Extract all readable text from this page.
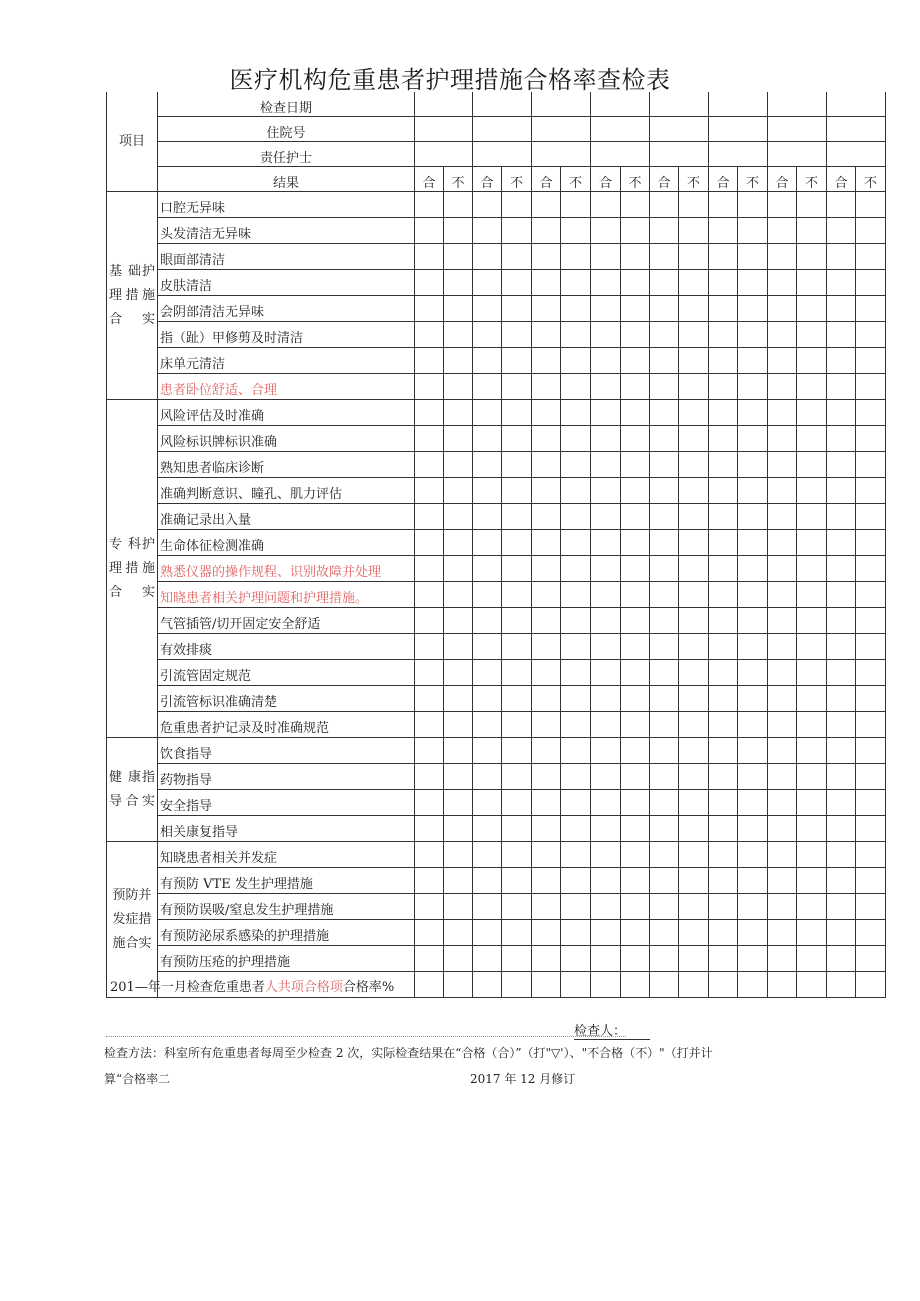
医疗机构危重患者护理措施合格率查检表
项目	检查日期																
	住院号																
	责任护士																
	结果	合	不	合	不	合	不	合	不	合	不	合	不	合	不	合	不
基 础护理措施合实	口腔无异味																
	头发清洁无异味																
	眼面部清洁																
	皮肤清洁																
	会阴部清洁无异味																
	指（趾）甲修剪及时清洁																
	床单元清洁																
	患者卧位舒适、合理																
专 科护理措施合实	风险评估及时准确																
	风险标识牌标识准确																
	熟知患者临床诊断																
	准确判断意识、瞳孔、肌力评估																
	准确记录出入量																
	生命体征检测准确																
	熟悉仪器的操作规程、识别故障并处理																
	知晓患者相关护理问题和护理措施。																
	气管插管/切开固定安全舒适																
	有效排痰																
	引流管固定规范																
	引流管标识准确清楚																
	危重患者护记录及时准确规范																
健 康指导合实	饮食指导																
	药物指导																
	安全指导																
	相关康复指导																
预防并发症措施合实	知晓患者相关并发症																
	有预防 VTE 发生护理措施																
	有预防误吸/窒息发生护理措施																
	有预防泌尿系感染的护理措施																
	有预防压疮的护理措施																

201—年一月检查危重患者人共项合格项合格率%
检查人：
检查方法：科室所有危重患者每周至少检查 2 次，实际检查结果在“合格（合）”（打"▽'）、"不合格（不）"（打并计
算“合格率二	2017 年 12 月修订
